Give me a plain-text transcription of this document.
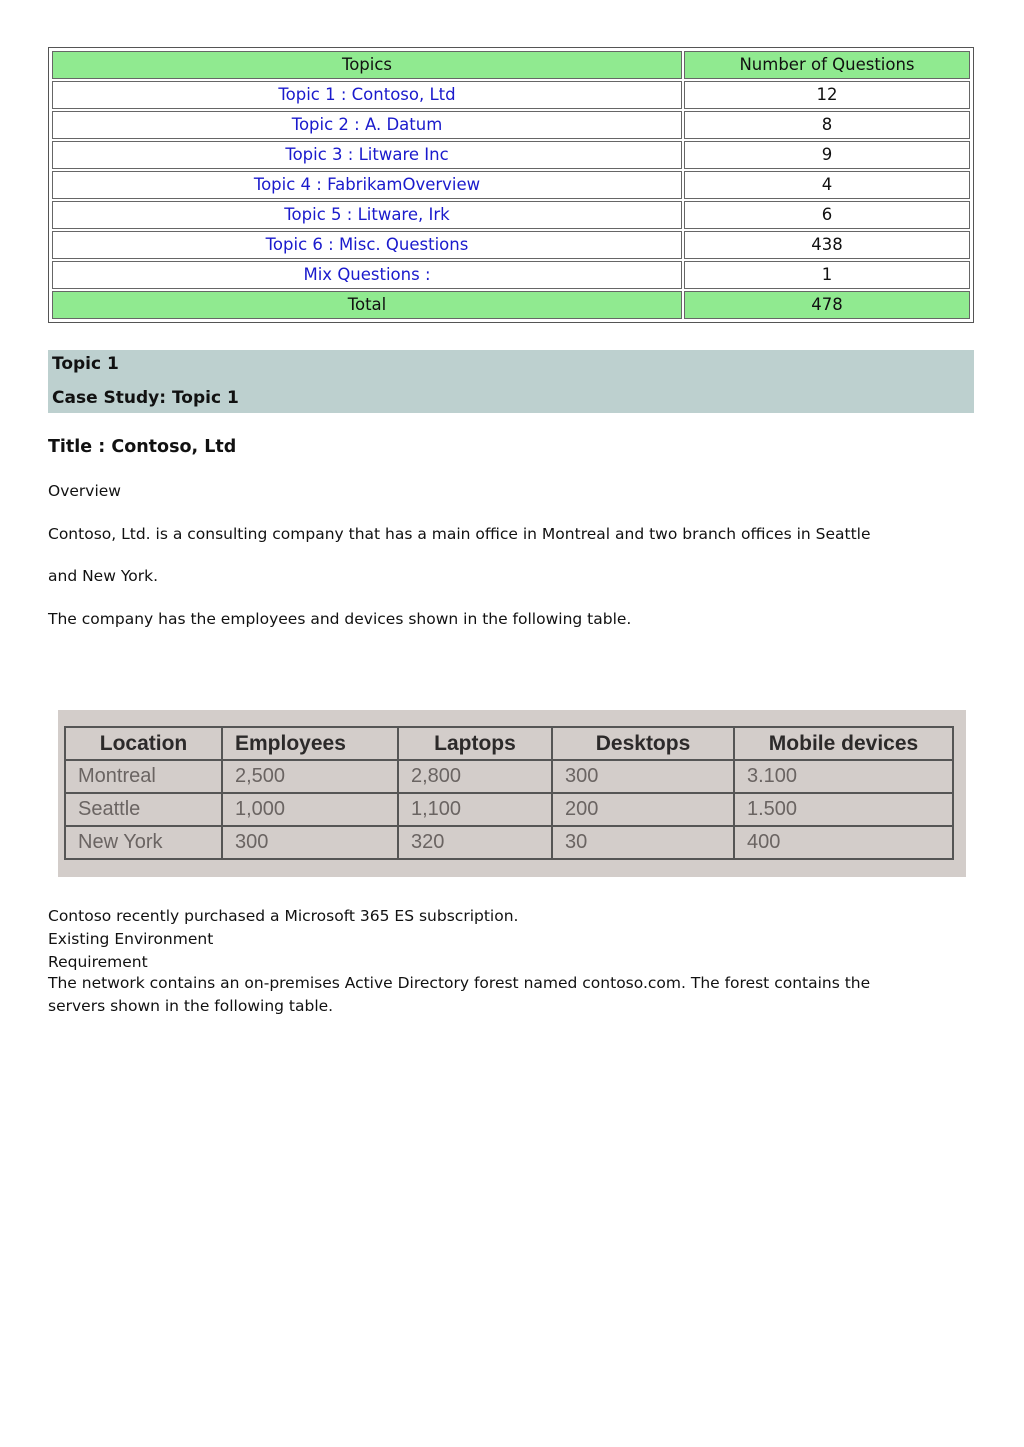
Topics	Number of Questions
Topic 1 : Contoso, Ltd	12
Topic 2 : A. Datum	8
Topic 3 : Litware Inc	9
Topic 4 : FabrikamOverview	4
Topic 5 : Litware, Irk	6
Topic 6 : Misc. Questions	438
Mix Questions :	1
Total	478
Topic 1
Case Study: Topic 1
Title : Contoso, Ltd
Overview
Contoso, Ltd. is a consulting company that has a main office in Montreal and two branch offices in Seattle
and New York.
The company has the employees and devices shown in the following table.
Location	Employees	Laptops	Desktops	Mobile devices
Montreal	2,500	2,800	300	3.100
Seattle	1,000	1,100	200	1.500
New York	300	320	30	400
Contoso recently purchased a Microsoft 365 ES subscription.
Existing Environment
Requirement
The network contains an on-premises Active Directory forest named contoso.com. The forest contains the
servers shown in the following table.
